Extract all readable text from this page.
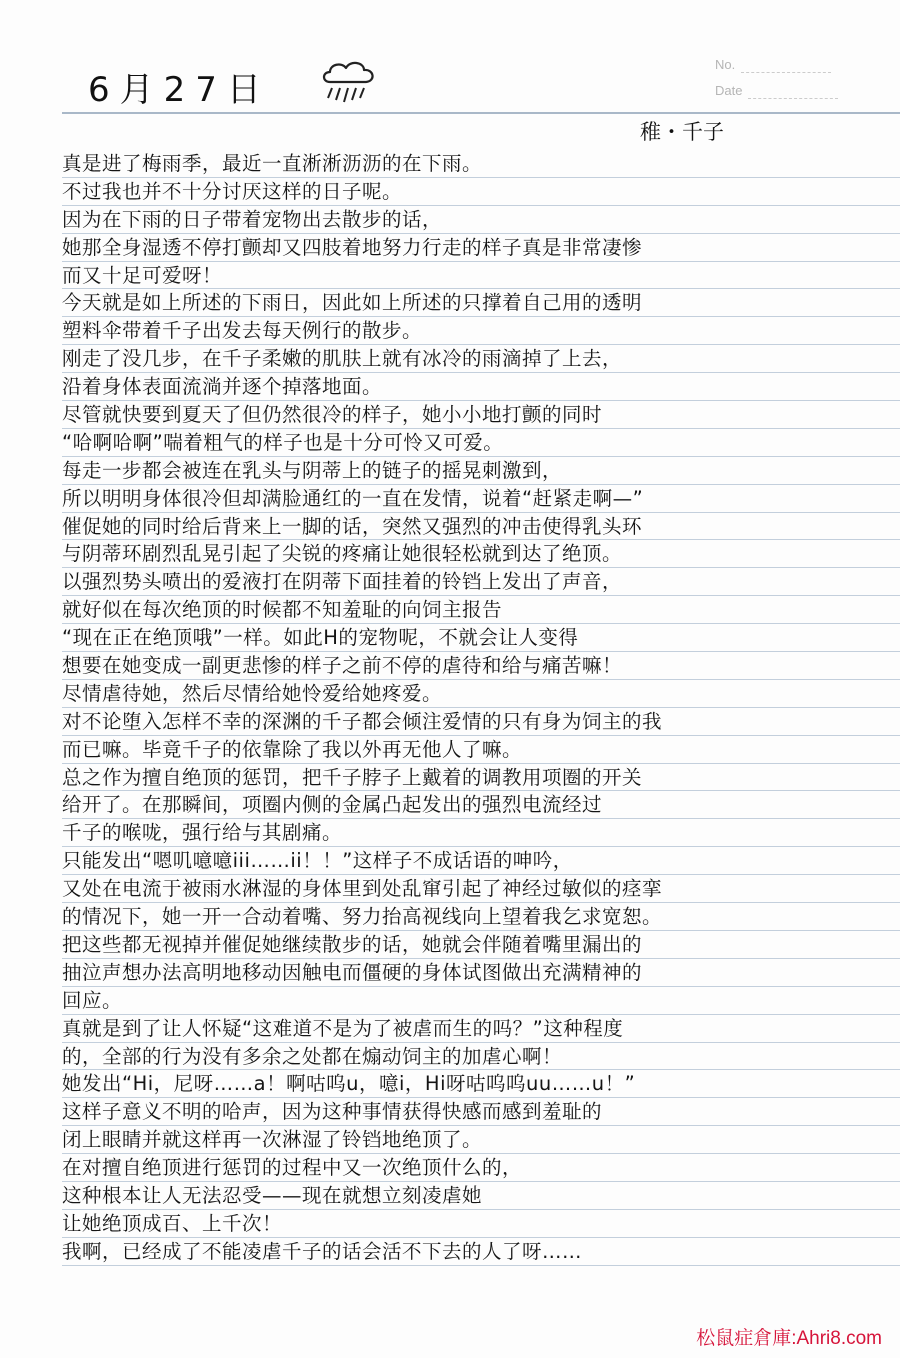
6月27日
No.
Date
稚・千子
真是进了梅雨季，最近一直淅淅沥沥的在下雨。
不过我也并不十分讨厌这样的日子呢。
因为在下雨的日子带着宠物出去散步的话，
她那全身湿透不停打颤却又四肢着地努力行走的样子真是非常凄惨
而又十足可爱呀！
今天就是如上所述的下雨日，因此如上所述的只撑着自己用的透明
塑料伞带着千子出发去每天例行的散步。
刚走了没几步，在千子柔嫩的肌肤上就有冰冷的雨滴掉了上去，
沿着身体表面流淌并逐个掉落地面。
尽管就快要到夏天了但仍然很冷的样子，她小小地打颤的同时
“哈啊哈啊”喘着粗气的样子也是十分可怜又可爱。
每走一步都会被连在乳头与阴蒂上的链子的摇晃刺激到，
所以明明身体很冷但却满脸通红的一直在发情，说着“赶紧走啊—”
催促她的同时给后背来上一脚的话，突然又强烈的冲击使得乳头环
与阴蒂环剧烈乱晃引起了尖锐的疼痛让她很轻松就到达了绝顶。
以强烈势头喷出的爱液打在阴蒂下面挂着的铃铛上发出了声音，
就好似在每次绝顶的时候都不知羞耻的向饲主报告
“现在正在绝顶哦”一样。如此H的宠物呢，不就会让人变得
想要在她变成一副更悲惨的样子之前不停的虐待和给与痛苦嘛！
尽情虐待她，然后尽情给她怜爱给她疼爱。
对不论堕入怎样不幸的深渊的千子都会倾注爱情的只有身为饲主的我
而已嘛。毕竟千子的依靠除了我以外再无他人了嘛。
总之作为擅自绝顶的惩罚，把千子脖子上戴着的调教用项圈的开关
给开了。在那瞬间，项圈内侧的金属凸起发出的强烈电流经过
千子的喉咙，强行给与其剧痛。
只能发出“嗯叽噫噫iii……ii！！”这样子不成话语的呻吟，
又处在电流于被雨水淋湿的身体里到处乱窜引起了神经过敏似的痉挛
的情况下，她一开一合动着嘴、努力抬高视线向上望着我乞求宽恕。
把这些都无视掉并催促她继续散步的话，她就会伴随着嘴里漏出的
抽泣声想办法高明地移动因触电而僵硬的身体试图做出充满精神的
回应。
真就是到了让人怀疑“这难道不是为了被虐而生的吗？”这种程度
的，全部的行为没有多余之处都在煽动饲主的加虐心啊！
她发出“Hi，尼呀……a！啊咕呜u，噫i，Hi呀咕呜呜uu……u！”
这样子意义不明的哈声，因为这种事情获得快感而感到羞耻的
闭上眼睛并就这样再一次淋湿了铃铛地绝顶了。
在对擅自绝顶进行惩罚的过程中又一次绝顶什么的，
这种根本让人无法忍受——现在就想立刻凌虐她
让她绝顶成百、上千次！
我啊，已经成了不能凌虐千子的话会活不下去的人了呀……
松鼠症倉庫:Ahri8.com
